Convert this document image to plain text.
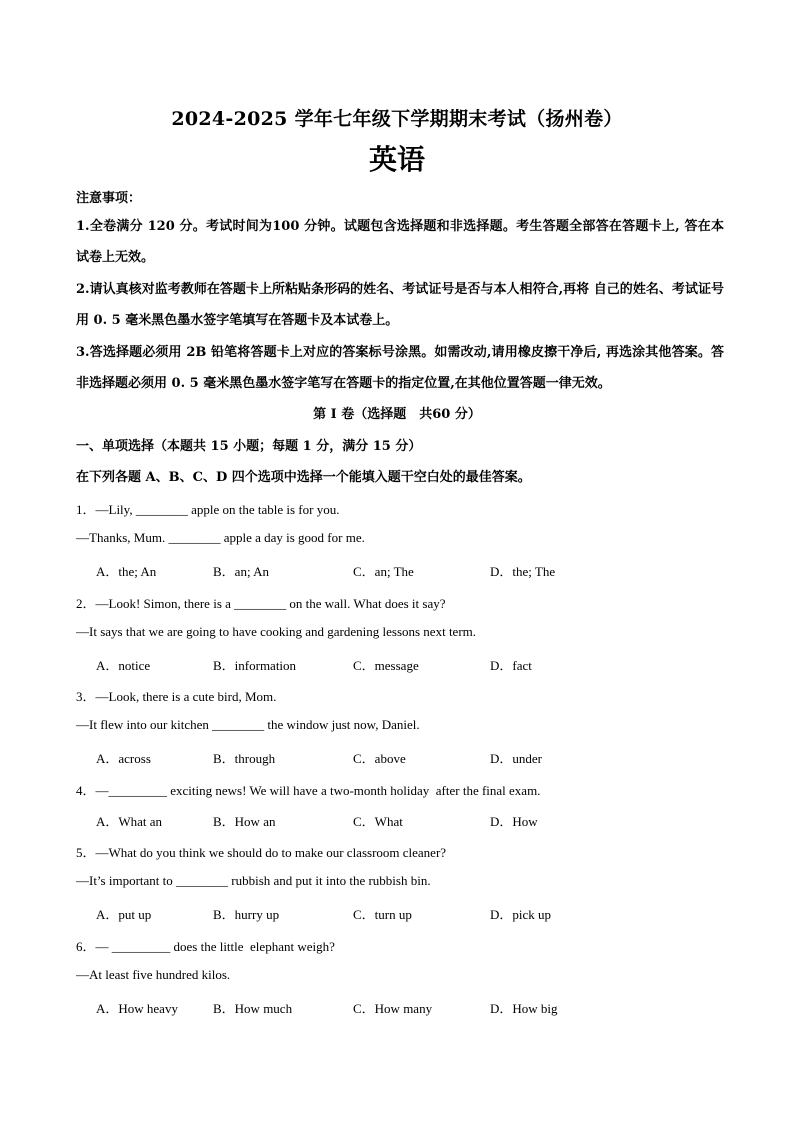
2024-2025 学年七年级下学期期末考试（扬州卷）
英语
注意事项：
1.全卷满分 120 分。考试时间为100 分钟。试题包含选择题和非选择题。考生答题全部答在答题卡上, 答在本试卷上无效。
2.请认真核对监考教师在答题卡上所粘贴条形码的姓名、考试证号是否与本人相符合,再将 自己的姓名、考试证号用 0. 5 毫米黑色墨水签字笔填写在答题卡及本试卷上。
3.答选择题必须用 2B 铅笔将答题卡上对应的答案标号涂黑。如需改动,请用橡皮擦干净后, 再选涂其他答案。答非选择题必须用 0. 5 毫米黑色墨水签字笔写在答题卡的指定位置,在其他位置答题一律无效。
第 I 卷（选择题　共60 分）
一、单项选择（本题共 15 小题；每题 1 分，满分 15 分）
在下列各题 A、B、C、D 四个选项中选择一个能填入题干空白处的最佳答案。
1．—Lily, ________ apple on the table is for you.
—Thanks, Mum. ________ apple a day is good for me.
A．the; An	B．an; An	C．an; The	D．the; The
2．—Look! Simon, there is a ________ on the wall. What does it say?
—It says that we are going to have cooking and gardening lessons next term.
A．notice	B．information	C．message	D．fact
3．—Look, there is a cute bird, Mom.
—It flew into our kitchen ________ the window just now, Daniel.
A．across	B．through	C．above	D．under
4．—_________ exciting news! We will have a two-month holiday  after the final exam.
A．What an	B．How an	C．What	D．How
5．—What do you think we should do to make our classroom cleaner?
—It’s important to ________ rubbish and put it into the rubbish bin.
A．put up	B．hurry up	C．turn up	D．pick up
6．— _________ does the little  elephant weigh?
—At least five hundred kilos.
A．How heavy	B．How much	C．How many	D．How big
